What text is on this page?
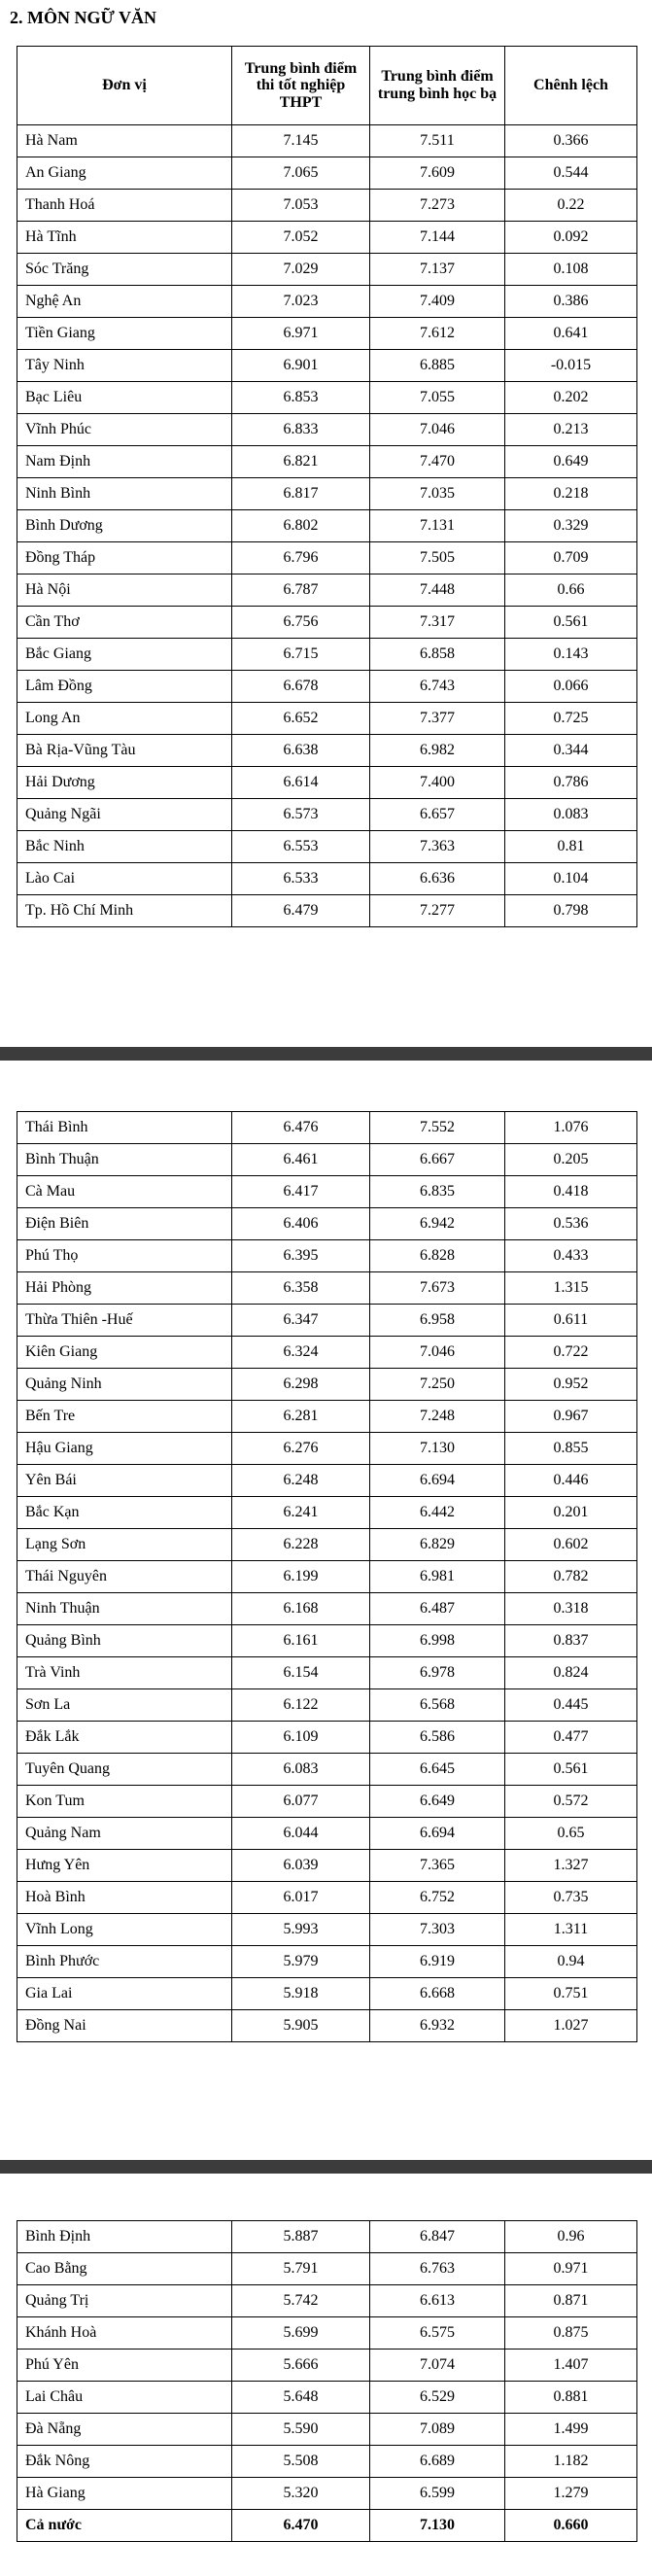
2. MÔN NGỮ VĂN
Đơn vị	Trung bình điểm thi tốt nghiệp THPT	Trung bình điểm trung bình học bạ	Chênh lệch
Hà Nam	7.145	7.511	0.366
An Giang	7.065	7.609	0.544
Thanh Hoá	7.053	7.273	0.22
Hà Tĩnh	7.052	7.144	0.092
Sóc Trăng	7.029	7.137	0.108
Nghệ An	7.023	7.409	0.386
Tiền Giang	6.971	7.612	0.641
Tây Ninh	6.901	6.885	-0.015
Bạc Liêu	6.853	7.055	0.202
Vĩnh Phúc	6.833	7.046	0.213
Nam Định	6.821	7.470	0.649
Ninh Bình	6.817	7.035	0.218
Bình Dương	6.802	7.131	0.329
Đồng Tháp	6.796	7.505	0.709
Hà Nội	6.787	7.448	0.66
Cần Thơ	6.756	7.317	0.561
Bắc Giang	6.715	6.858	0.143
Lâm Đồng	6.678	6.743	0.066
Long An	6.652	7.377	0.725
Bà Rịa-Vũng Tàu	6.638	6.982	0.344
Hải Dương	6.614	7.400	0.786
Quảng Ngãi	6.573	6.657	0.083
Bắc Ninh	6.553	7.363	0.81
Lào Cai	6.533	6.636	0.104
Tp. Hồ Chí Minh	6.479	7.277	0.798
Thái Bình	6.476	7.552	1.076
Bình Thuận	6.461	6.667	0.205
Cà Mau	6.417	6.835	0.418
Điện Biên	6.406	6.942	0.536
Phú Thọ	6.395	6.828	0.433
Hải Phòng	6.358	7.673	1.315
Thừa Thiên -Huế	6.347	6.958	0.611
Kiên Giang	6.324	7.046	0.722
Quảng Ninh	6.298	7.250	0.952
Bến Tre	6.281	7.248	0.967
Hậu Giang	6.276	7.130	0.855
Yên Bái	6.248	6.694	0.446
Bắc Kạn	6.241	6.442	0.201
Lạng Sơn	6.228	6.829	0.602
Thái Nguyên	6.199	6.981	0.782
Ninh Thuận	6.168	6.487	0.318
Quảng Bình	6.161	6.998	0.837
Trà Vinh	6.154	6.978	0.824
Sơn La	6.122	6.568	0.445
Đắk Lắk	6.109	6.586	0.477
Tuyên Quang	6.083	6.645	0.561
Kon Tum	6.077	6.649	0.572
Quảng Nam	6.044	6.694	0.65
Hưng Yên	6.039	7.365	1.327
Hoà Bình	6.017	6.752	0.735
Vĩnh Long	5.993	7.303	1.311
Bình Phước	5.979	6.919	0.94
Gia Lai	5.918	6.668	0.751
Đồng Nai	5.905	6.932	1.027
Bình Định	5.887	6.847	0.96
Cao Bằng	5.791	6.763	0.971
Quảng Trị	5.742	6.613	0.871
Khánh Hoà	5.699	6.575	0.875
Phú Yên	5.666	7.074	1.407
Lai Châu	5.648	6.529	0.881
Đà Nẵng	5.590	7.089	1.499
Đắk Nông	5.508	6.689	1.182
Hà Giang	5.320	6.599	1.279
Cả nước	6.470	7.130	0.660
